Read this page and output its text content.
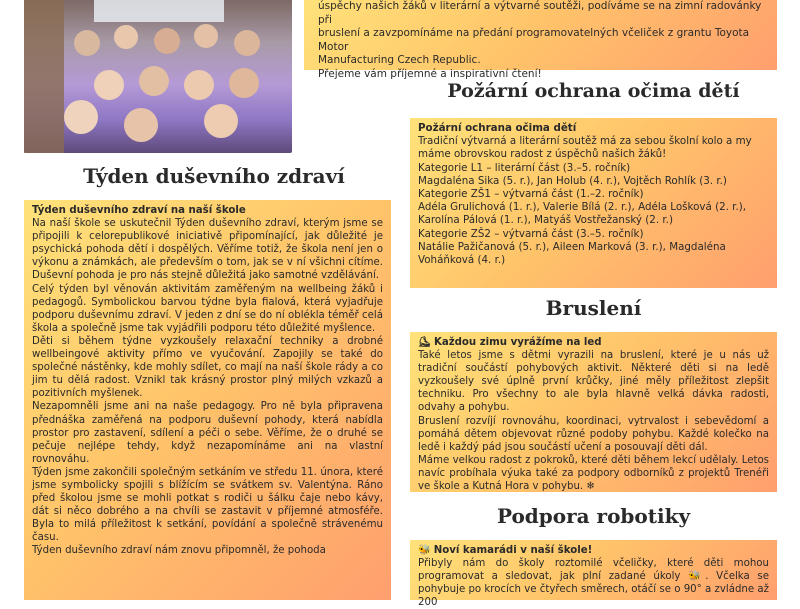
úspěchy našich žáků v literární a výtvarné soutěži, podíváme se na zimní radovánky při
bruslení a zavzpomínáme na předání programovatelných včeliček z grantu Toyota Motor
Manufacturing Czech Republic.
Přejeme vám příjemné a inspirativní čtení!
Týden duševního zdraví
Týden duševního zdraví na naší škole

Na naší škole se uskutečnil Týden duševního zdraví, kterým jsme se připojili k celorepublikové iniciativě připomínající, jak důležité je psychická pohoda dětí i dospělých. Věříme totiž, že škola není jen o výkonu a známkách, ale především o tom, jak se v ní všichni cítíme. Duševní pohoda je pro nás stejně důležitá jako samotné vzdělávání.

Celý týden byl věnován aktivitám zaměřeným na wellbeing žáků i pedagogů. Symbolickou barvou týdne byla fialová, která vyjadřuje podporu duševnímu zdraví. V jeden z dní se do ní oblékla téměř celá škola a společně jsme tak vyjádřili podporu této důležité myšlence.

Děti si během týdne vyzkoušely relaxační techniky a drobné wellbeingové aktivity přímo ve vyučování. Zapojily se také do společné nástěnky, kde mohly sdílet, co mají na naší škole rády a co jim tu dělá radost. Vznikl tak krásný prostor plný milých vzkazů a pozitivních myšlenek.

Nezapomněli jsme ani na naše pedagogy. Pro ně byla připravena přednáška zaměřená na podporu duševní pohody, která nabídla prostor pro zastavení, sdílení a péči o sebe. Věříme, že o druhé se pečuje nejlépe tehdy, když nezapomínáme ani na vlastní rovnováhu.

Týden jsme zakončili společným setkáním ve středu 11. února, které jsme symbolicky spojili s blížícím se svátkem sv. Valentýna. Ráno před školou jsme se mohli potkat s rodiči u šálku čaje nebo kávy, dát si něco dobrého a na chvíli se zastavit v příjemné atmosféře. Byla to milá příležitost k setkání, povídání a společně strávenému času.

Týden duševního zdraví nám znovu připomněl, že pohoda

Požární ochrana očima dětí
Požární ochrana očima dětí
Tradiční výtvarná a literární soutěž má za sebou školní kolo a my máme obrovskou radost z úspěchů našich žáků!
Kategorie L1 – literární část (3.–5. ročník)
Magdaléna Sika (5. r.), Jan Holub (4. r.), Vojtěch Rohlík (3. r.)
Kategorie ZŠ1 – výtvarná část (1.–2. ročník)
Adéla Grulichová (1. r.), Valerie Bílá (2. r.), Adéla Lošková (2. r.), Karolína Pálová (1. r.), Matyáš Vostřežanský (2. r.)
Kategorie ZŠ2 – výtvarná část (3.–5. ročník)
Natálie Pažičanová (5. r.), Aileen Marková (3. r.), Magdaléna Voháňková (4. r.)
Bruslení
⛸ Každou zimu vyrážíme na led

Také letos jsme s dětmi vyrazili na bruslení, které je u nás už tradiční součástí pohybových aktivit. Některé děti si na ledě vyzkoušely své úplně první krůčky, jiné měly příležitost zlepšit techniku. Pro všechny to ale byla hlavně velká dávka radosti, odvahy a pohybu.

Bruslení rozvíjí rovnováhu, koordinaci, vytrvalost i sebevědomí a pomáhá dětem objevovat různé podoby pohybu. Každé kolečko na ledě i každý pád jsou součástí učení a posouvají děti dál.

Máme velkou radost z pokroků, které děti během lekcí udělaly. Letos navíc probíhala výuka také za podpory odborníků z projektů Trenéři ve škole a Kutná Hora v pohybu. ❄

Podpora robotiky
🐝 Noví kamarádi v naší škole!

Přibyly nám do školy roztomilé včeličky, které děti mohou programovat a sledovat, jak plní zadané úkoly 🐝. Včelka se pohybuje po krocích ve čtyřech směrech, otáčí se o 90° a zvládne až 200
